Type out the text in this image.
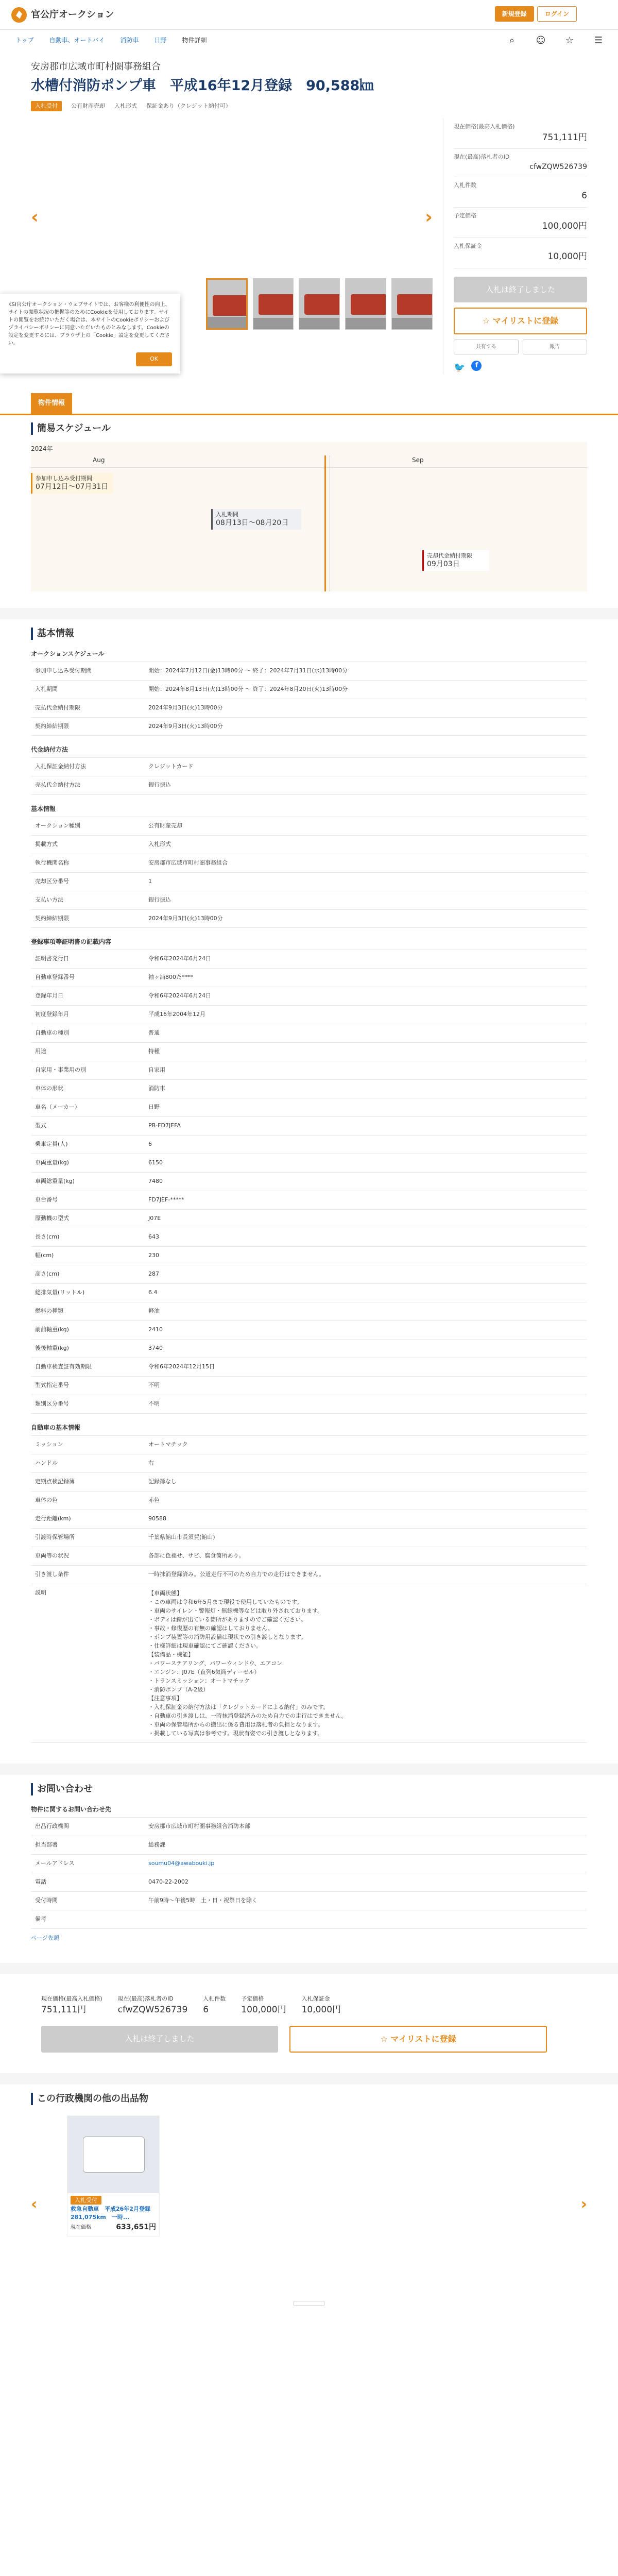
官公庁オークション	新規登録	ログイン
⌕	☺	☆	☰
トップ	自動車、オートバイ	消防車	日野	物件詳細
安房郡市広域市町村圏事務組合
水槽付消防ポンプ車　平成16年12月登録　90,588㎞
入札受付	公有財産売却 入札形式 保証金あり（クレジット納付可）
‹	›
KSI官公庁オークション・ウェブサイトでは、お客様の利便性の向上、サイトの閲覧状況の把握等のためにCookieを使用しております。サイトの閲覧をお続けいただく場合は、本サイトのCookieポリシーおよびプライバシーポリシーに同意いただいたものとみなします。Cookieの設定を変更するには、ブラウザ上の「Cookie」設定を変更してください。
OK
現在価格(最高入札価格)
751,111円
現在(最高)落札者のID
cfwZQW526739
入札件数
6
予定価格
100,000円
入札保証金
10,000円
入札は終了しました
☆ マイリストに登録
共有する	報告
🐦	f
物件情報
簡易スケジュール
2024年
Aug	Sep
参加申し込み受付期間
07月12日～07月31日
入札期間
08月13日～08月20日
売却代金納付期限
09月03日
基本情報
オークションスケジュール
参加申し込み受付期間	開始：2024年7月12日(金)13時00分 ～ 終了：2024年7月31日(水)13時00分
入札期間	開始：2024年8月13日(火)13時00分 ～ 終了：2024年8月20日(火)13時00分
売払代金納付期限	2024年9月3日(火)13時00分
契約締結期限	2024年9月3日(火)13時00分
代金納付方法
入札保証金納付方法	クレジットカード
売払代金納付方法	銀行振込
基本情報
オークション種別	公有財産売却
掲載方式	入札形式
執行機関名称	安房郡市広域市町村圏事務組合
売却区分番号	1
支払い方法	銀行振込
契約締結期限	2024年9月3日(火)13時00分
登録事項等証明書の記載内容
証明書発行日	令和6年2024年6月24日
自動車登録番号	袖ヶ浦800た****
登録年月日	令和6年2024年6月24日
初度登録年月	平成16年2004年12月
自動車の種別	普通
用途	特種
自家用・事業用の別	自家用
車体の形状	消防車
車名（メーカー）	日野
型式	PB-FD7JEFA
乗車定員(人)	6
車両重量(kg)	6150
車両総重量(kg)	7480
車台番号	FD7JEF-*****
原動機の型式	J07E
長さ(cm)	643
幅(cm)	230
高さ(cm)	287
総排気量(リットル)	6.4
燃料の種類	軽油
前前軸重(kg)	2410
後後軸重(kg)	3740
自動車検査証有効期限	令和6年2024年12月15日
型式指定番号	不明
類別区分番号	不明
自動車の基本情報
ミッション	オートマチック
ハンドル	右
定期点検記録簿	記録簿なし
車体の色	赤色
走行距離(km)	90588
引渡時保管場所	千葉県館山市長須賀(館山)
車両等の状況	各部に色褪せ、サビ、腐食箇所あり。
引き渡し条件	一時抹消登録済み。公道走行不可のため自力での走行はできません。
説明	【車両状態】
・この車両は令和6年5月まで現役で使用していたものです。
・車両のサイレン・警報灯・無線機等などは取り外されております。
・ボディは錆が出ている箇所がありますのでご確認ください。
・事故・修復歴の有無の確認はしておりません。
・ポンプ装置等の消防用設備は現状での引き渡しとなります。
・仕様詳細は現車確認にてご確認ください。
【装備品・機能】
・パワーステアリング、パワーウィンドウ、エアコン
・エンジン：J07E（直列6気筒ディーゼル）
・トランスミッション：オートマチック
・消防ポンプ（A-2級）
【注意事項】
・入札保証金の納付方法は「クレジットカードによる納付」のみです。
・自動車の引き渡しは、一時抹消登録済みのため自力での走行はできません。
・車両の保管場所からの搬出に係る費用は落札者の負担となります。
・掲載している写真は参考です。現状有姿での引き渡しとなります。
お問い合わせ
物件に関するお問い合わせ先
出品行政機関	安房郡市広域市町村圏事務組合消防本部
担当部署	総務課
メールアドレス	soumu04@awabouki.jp
電話	0470-22-2002
受付時間	午前9時～午後5時　土・日・祝祭日を除く
備考
ページ先頭
現在価格(最高入札価格)
751,111円
現在(最高)落札者のID
cfwZQW526739
入札件数
6
予定価格
100,000円
入札保証金
10,000円
入札は終了しました	☆ マイリストに登録
この行政機関の他の出品物
‹	入札受付
救急自動車　平成26年2月登録　281,075km　一時...
現在価格	633,651円
›
